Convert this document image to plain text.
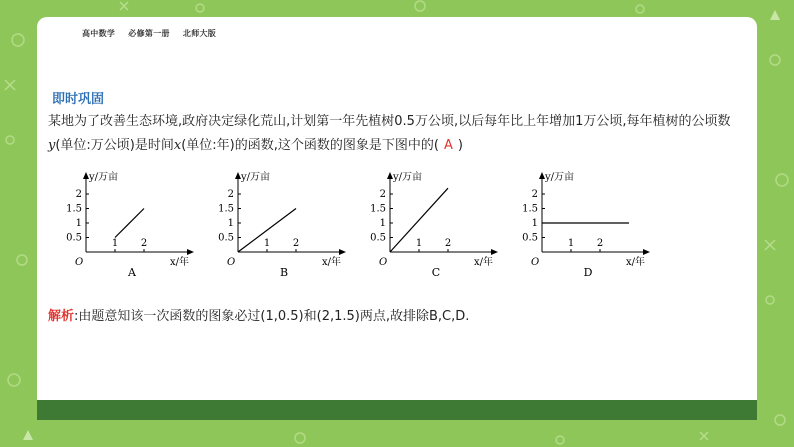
高中数学 必修第一册 北师大版
即时巩固
某地为了改善生态环境,政府决定绿化荒山,计划第一年先植树0.5万公顷,以后每年比上年增加1万公顷,每年植树的公顷数y(单位:万公顷)是时间x(单位:年)的函数,这个函数的图象是下图中的( A )
y/万亩
x/年
O
0.5
1
1.5
2
1 2
A
y/万亩
x/年
O
0.5
1
1.5
2
1 2
B
y/万亩
x/年
O
0.5
1
1.5
2
1 2
C
y/万亩
x/年
O
0.5
1
1.5
2
1 2
D
解析:由题意知该一次函数的图象必过(1,0.5)和(2,1.5)两点,故排除B,C,D.
